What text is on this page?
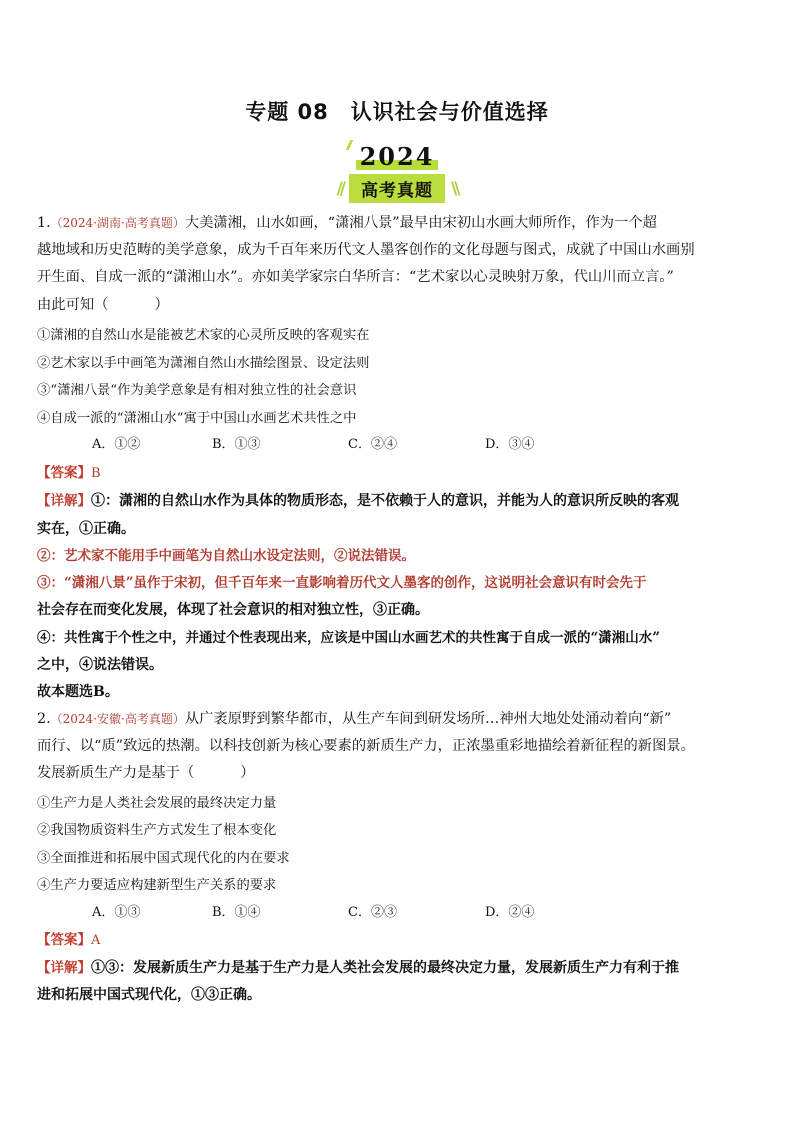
专题 08　认识社会与价值选择
2024
//	高考真题	\\
1.（2024·湖南·高考真题）大美潇湘，山水如画，“潇湘八景”最早由宋初山水画大师所作，作为一个超
越地域和历史范畴的美学意象，成为千百年来历代文人墨客创作的文化母题与图式，成就了中国山水画别
开生面、自成一派的“潇湘山水”。亦如美学家宗白华所言：“艺术家以心灵映射万象，代山川而立言。”
由此可知（	）
①潇湘的自然山水是能被艺术家的心灵所反映的客观实在
②艺术家以手中画笔为潇湘自然山水描绘图景、设定法则
③“潇湘八景“作为美学意象是有相对独立性的社会意识
④自成一派的“潇湘山水”寓于中国山水画艺术共性之中
A．①②	B．①③	C．②④	D．③④
【答案】B
【详解】①：潇湘的自然山水作为具体的物质形态，是不依赖于人的意识，并能为人的意识所反映的客观
实在，①正确。
②：艺术家不能用手中画笔为自然山水设定法则，②说法错误。
③：“潇湘八景”虽作于宋初，但千百年来一直影响着历代文人墨客的创作，这说明社会意识有时会先于
社会存在而变化发展，体现了社会意识的相对独立性，③正确。
④：共性寓于个性之中，并通过个性表现出来，应该是中国山水画艺术的共性寓于自成一派的“潇湘山水”
之中，④说法错误。
故本题选B。
2.（2024·安徽·高考真题）从广袤原野到繁华都市，从生产车间到研发场所…神州大地处处涌动着向“新”
而行、以“质”致远的热潮。以科技创新为核心要素的新质生产力，正浓墨重彩地描绘着新征程的新图景。
发展新质生产力是基于（	）
①生产力是人类社会发展的最终决定力量
②我国物质资料生产方式发生了根本变化
③全面推进和拓展中国式现代化的内在要求
④生产力要适应构建新型生产关系的要求
A．①③	B．①④	C．②③	D．②④
【答案】A
【详解】①③：发展新质生产力是基于生产力是人类社会发展的最终决定力量，发展新质生产力有利于推
进和拓展中国式现代化，①③正确。
